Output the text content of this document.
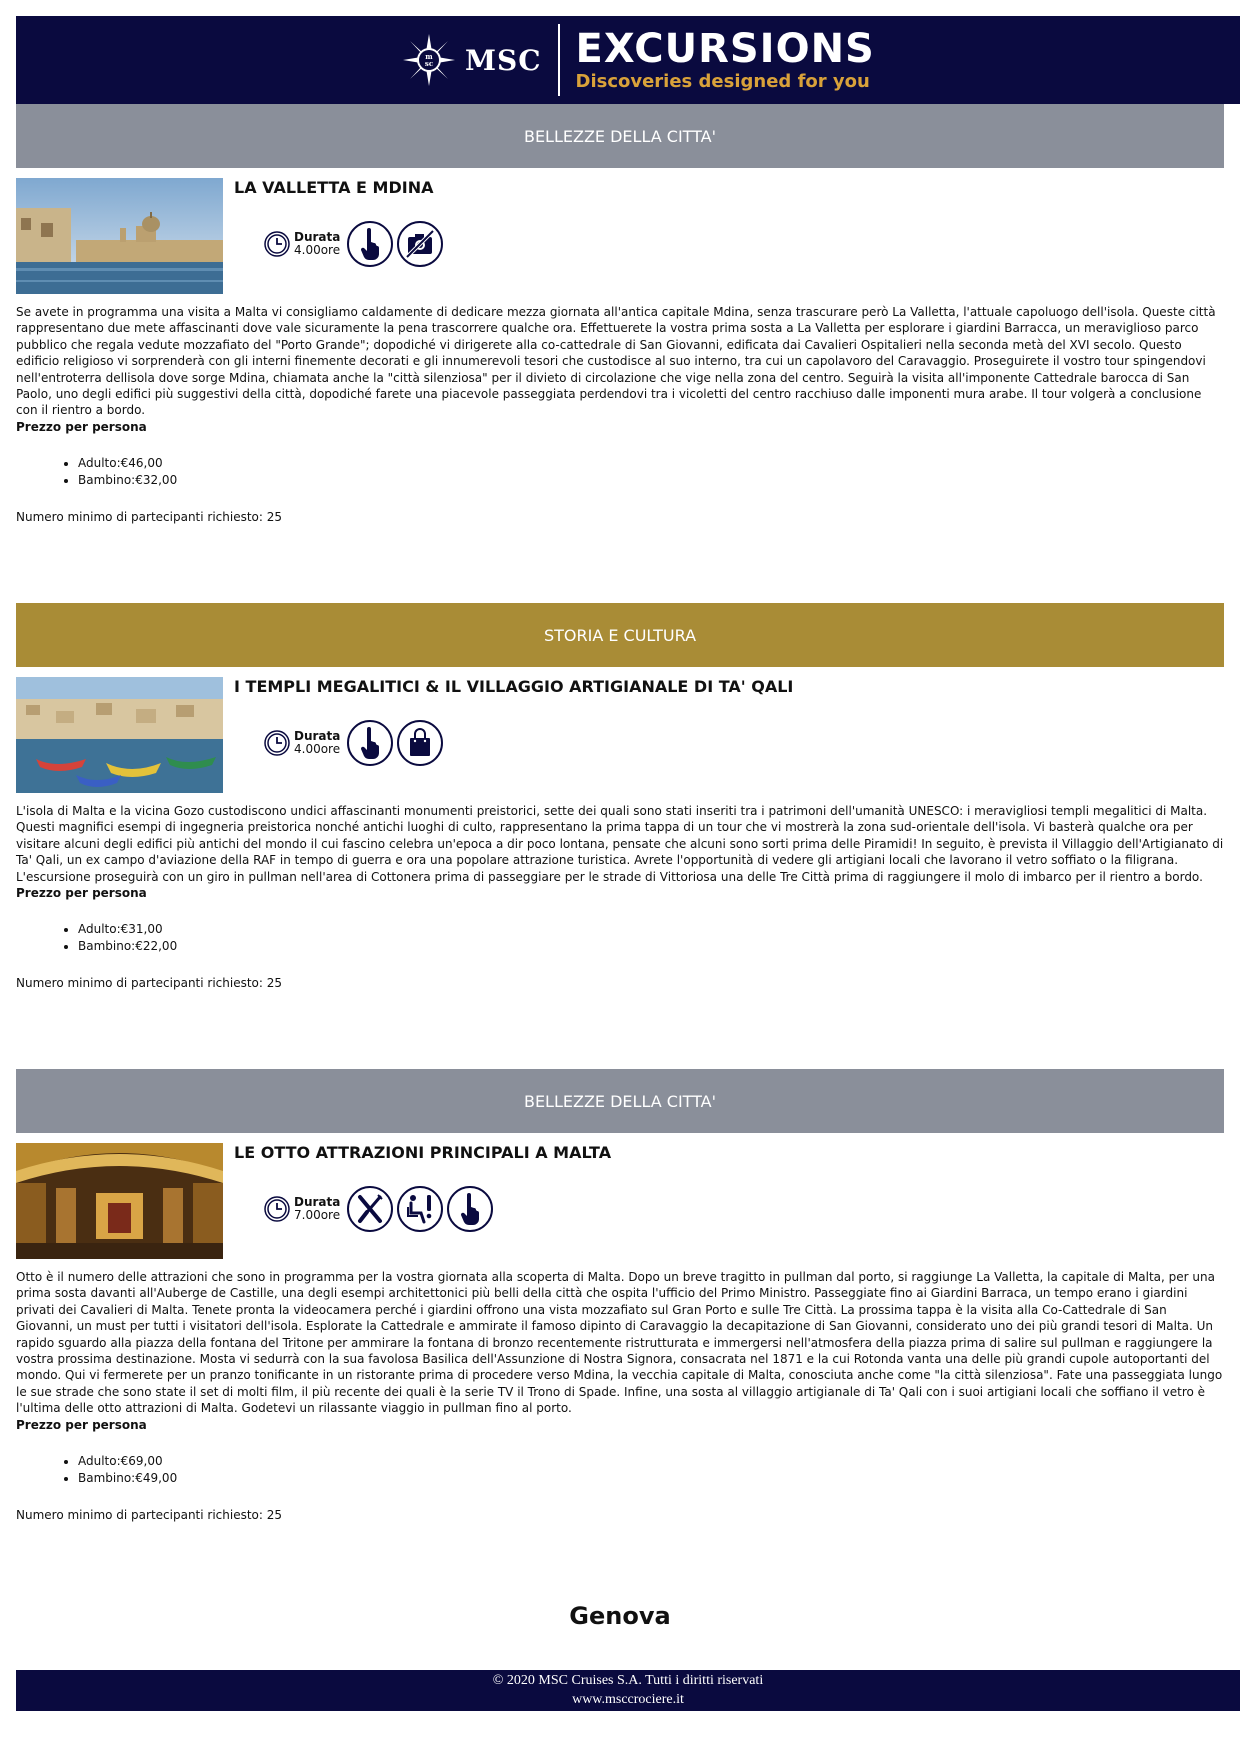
m
sc MSC EXCURSIONS
Discoveries designed for you
BELLEZZE DELLA CITTA'
LA VALLETTA E MDINA
Durata
4.00ore
Se avete in programma una visita a Malta vi consigliamo caldamente di dedicare mezza giornata all'antica capitale Mdina, senza trascurare però La Valletta, l'attuale capoluogo dell'isola. Queste città rappresentano due mete affascinanti dove vale sicuramente la pena trascorrere qualche ora. Effettuerete la vostra prima sosta a La Valletta per esplorare i giardini Barracca, un meraviglioso parco pubblico che regala vedute mozzafiato del "Porto Grande"; dopodiché vi dirigerete alla co-cattedrale di San Giovanni, edificata dai Cavalieri Ospitalieri nella seconda metà del XVI secolo. Questo edificio religioso vi sorprenderà con gli interni finemente decorati e gli innumerevoli tesori che custodisce al suo interno, tra cui un capolavoro del Caravaggio. Proseguirete il vostro tour spingendovi nell'entroterra dellisola dove sorge Mdina, chiamata anche la "città silenziosa" per il divieto di circolazione che vige nella zona del centro. Seguirà la visita all'imponente Cattedrale barocca di San Paolo, uno degli edifici più suggestivi della città, dopodiché farete una piacevole passeggiata perdendovi tra i vicoletti del centro racchiuso dalle imponenti mura arabe. Il tour volgerà a conclusione con il rientro a bordo.
Prezzo per persona
• Adulto:€46,00
• Bambino:€32,00
Numero minimo di partecipanti richiesto: 25
STORIA E CULTURA
I TEMPLI MEGALITICI & IL VILLAGGIO ARTIGIANALE DI TA' QALI
Durata
4.00ore
L'isola di Malta e la vicina Gozo custodiscono undici affascinanti monumenti preistorici, sette dei quali sono stati inseriti tra i patrimoni dell'umanità UNESCO: i meravigliosi templi megalitici di Malta. Questi magnifici esempi di ingegneria preistorica nonché antichi luoghi di culto, rappresentano la prima tappa di un tour che vi mostrerà la zona sud-orientale dell'isola. Vi basterà qualche ora per visitare alcuni degli edifici più antichi del mondo il cui fascino celebra un'epoca a dir poco lontana, pensate che alcuni sono sorti prima delle Piramidi! In seguito, è prevista il Villaggio dell'Artigianato di Ta' Qali, un ex campo d'aviazione della RAF in tempo di guerra e ora una popolare attrazione turistica. Avrete l'opportunità di vedere gli artigiani locali che lavorano il vetro soffiato o la filigrana. L'escursione proseguirà con un giro in pullman nell'area di Cottonera prima di passeggiare per le strade di Vittoriosa una delle Tre Città prima di raggiungere il molo di imbarco per il rientro a bordo.
Prezzo per persona
• Adulto:€31,00
• Bambino:€22,00
Numero minimo di partecipanti richiesto: 25
BELLEZZE DELLA CITTA'
LE OTTO ATTRAZIONI PRINCIPALI A MALTA
Durata
7.00ore
Otto è il numero delle attrazioni che sono in programma per la vostra giornata alla scoperta di Malta. Dopo un breve tragitto in pullman dal porto, si raggiunge La Valletta, la capitale di Malta, per una prima sosta davanti all'Auberge de Castille, una degli esempi architettonici più belli della città che ospita l'ufficio del Primo Ministro. Passeggiate fino ai Giardini Barraca, un tempo erano i giardini privati dei Cavalieri di Malta. Tenete pronta la videocamera perché i giardini offrono una vista mozzafiato sul Gran Porto e sulle Tre Città. La prossima tappa è la visita alla Co-Cattedrale di San Giovanni, un must per tutti i visitatori dell'isola. Esplorate la Cattedrale e ammirate il famoso dipinto di Caravaggio la decapitazione di San Giovanni, considerato uno dei più grandi tesori di Malta. Un rapido sguardo alla piazza della fontana del Tritone per ammirare la fontana di bronzo recentemente ristrutturata e immergersi nell'atmosfera della piazza prima di salire sul pullman e raggiungere la vostra prossima destinazione. Mosta vi sedurrà con la sua favolosa Basilica dell'Assunzione di Nostra Signora, consacrata nel 1871 e la cui Rotonda vanta una delle più grandi cupole autoportanti del mondo. Qui vi fermerete per un pranzo tonificante in un ristorante prima di procedere verso Mdina, la vecchia capitale di Malta, conosciuta anche come "la città silenziosa". Fate una passeggiata lungo le sue strade che sono state il set di molti film, il più recente dei quali è la serie TV il Trono di Spade. Infine, una sosta al villaggio artigianale di Ta' Qali con i suoi artigiani locali che soffiano il vetro è l'ultima delle otto attrazioni di Malta. Godetevi un rilassante viaggio in pullman fino al porto.
Prezzo per persona
• Adulto:€69,00
• Bambino:€49,00
Numero minimo di partecipanti richiesto: 25
Genova
© 2020 MSC Cruises S.A. Tutti i diritti riservati
www.msccrociere.it
